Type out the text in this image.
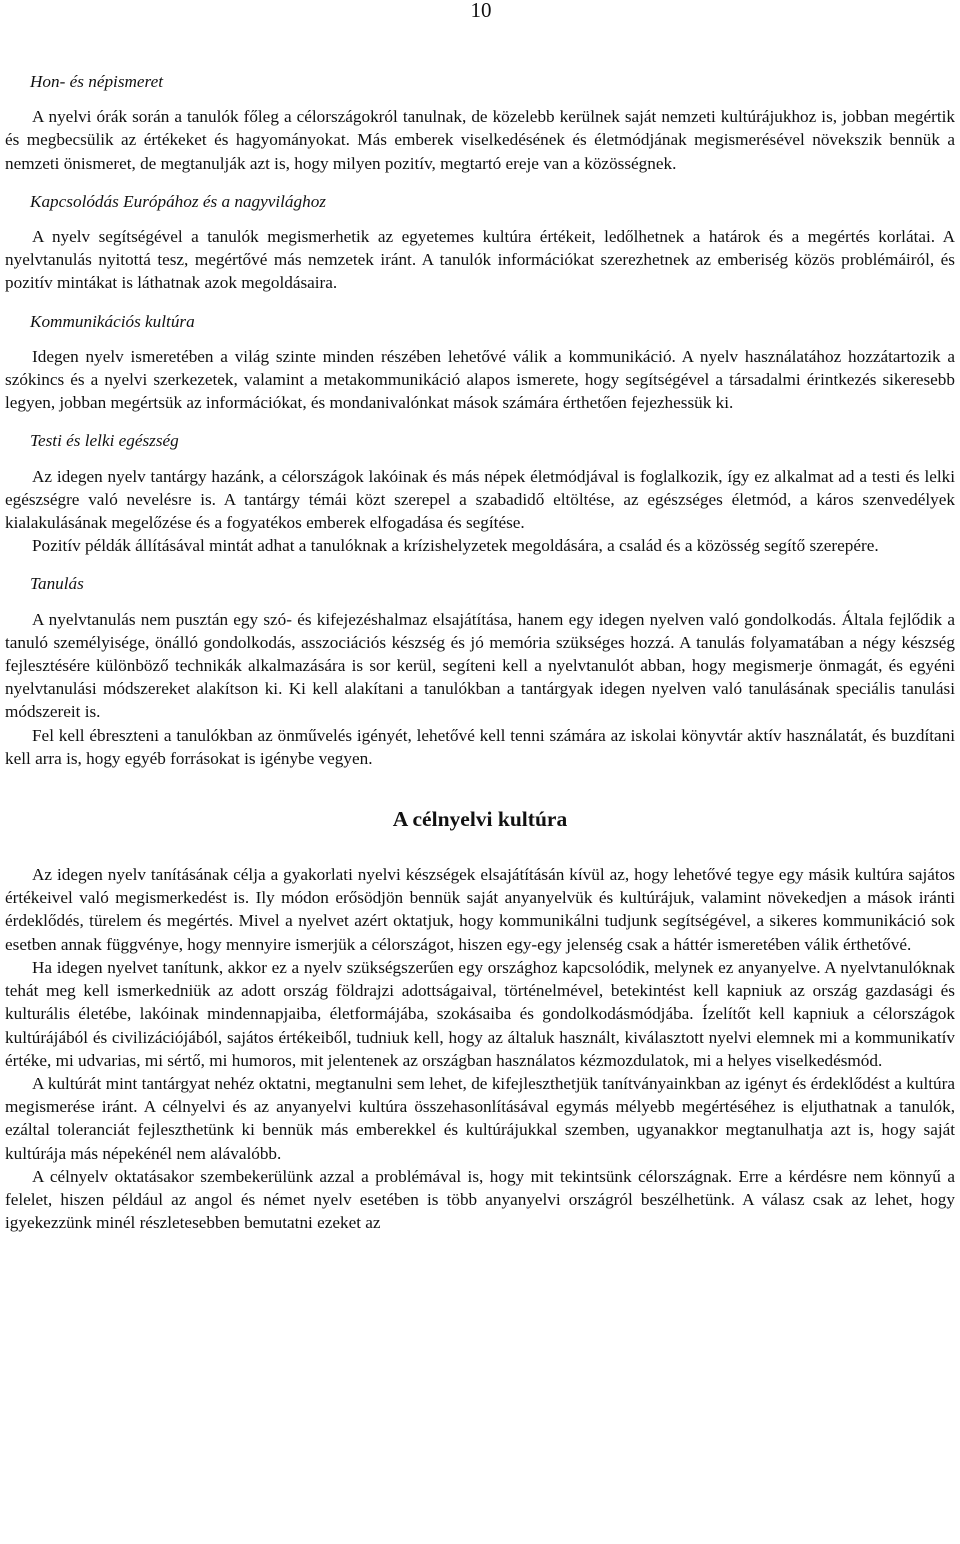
10

Hon- és népismeret

A nyelvi órák során a tanulók főleg a célországokról tanulnak, de közelebb kerülnek saját nemzeti kultúrájukhoz is, jobban megértik és megbecsülik az értékeket és hagyományokat. Más emberek viselkedésének és életmódjának megismerésével növekszik bennük a nemzeti önismeret, de megtanulják azt is, hogy milyen pozitív, megtartó ereje van a közösségnek.

Kapcsolódás Európához és a nagyvilághoz

A nyelv segítségével a tanulók megismerhetik az egyetemes kultúra értékeit, ledőlhetnek a határok és a megértés korlátai. A nyelvtanulás nyitottá tesz, megértővé más nemzetek iránt. A tanulók információkat szerezhetnek az emberiség közös problémáiról, és pozitív mintákat is láthatnak azok megoldásaira.

Kommunikációs kultúra

Idegen nyelv ismeretében a világ szinte minden részében lehetővé válik a kommunikáció. A nyelv használatához hozzátartozik a szókincs és a nyelvi szerkezetek, valamint a metakommunikáció alapos ismerete, hogy segítségével a társadalmi érintkezés sikeresebb legyen, jobban megértsük az információkat, és mondanivalónkat mások számára érthetően fejezhessük ki.

Testi és lelki egészség

Az idegen nyelv tantárgy hazánk, a célországok lakóinak és más népek életmódjával is foglalkozik, így ez alkalmat ad a testi és lelki egészségre való nevelésre is. A tantárgy témái közt szerepel a szabadidő eltöltése, az egészséges életmód, a káros szenvedélyek kialakulásának megelőzése és a fogyatékos emberek elfogadása és segítése.

Pozitív példák állításával mintát adhat a tanulóknak a krízishelyzetek megoldására, a család és a közösség segítő szerepére.

Tanulás

A nyelvtanulás nem pusztán egy szó- és kifejezéshalmaz elsajátítása, hanem egy idegen nyelven való gondolkodás. Általa fejlődik a tanuló személyisége, önálló gondolkodás, asszociációs készség és jó memória szükséges hozzá. A tanulás folyamatában a négy készség fejlesztésére különböző technikák alkalmazására is sor kerül, segíteni kell a nyelvtanulót abban, hogy megismerje önmagát, és egyéni nyelvtanulási módszereket alakítson ki. Ki kell alakítani a tanulókban a tantárgyak idegen nyelven való tanulásának speciális tanulási módszereit is.

Fel kell ébreszteni a tanulókban az önművelés igényét, lehetővé kell tenni számára az iskolai könyvtár aktív használatát, és buzdítani kell arra is, hogy egyéb forrásokat is igénybe vegyen.

A célnyelvi kultúra

Az idegen nyelv tanításának célja a gyakorlati nyelvi készségek elsajátításán kívül az, hogy lehetővé tegye egy másik kultúra sajátos értékeivel való megismerkedést is. Ily módon erősödjön bennük saját anyanyelvük és kultúrájuk, valamint növekedjen a mások iránti érdeklődés, türelem és megértés. Mivel a nyelvet azért oktatjuk, hogy kommunikálni tudjunk segítségével, a sikeres kommunikáció sok esetben annak függvénye, hogy mennyire ismerjük a célországot, hiszen egy-egy jelenség csak a háttér ismeretében válik érthetővé.

Ha idegen nyelvet tanítunk, akkor ez a nyelv szükségszerűen egy országhoz kapcsolódik, melynek ez anyanyelve. A nyelvtanulóknak tehát meg kell ismerkedniük az adott ország földrajzi adottságaival, történelmével, betekintést kell kapniuk az ország gazdasági és kulturális életébe, lakóinak mindennapjaiba, életformájába, szokásaiba és gondolkodásmódjába. Ízelítőt kell kapniuk a célországok kultúrájából és civilizációjából, sajátos értékeiből, tudniuk kell, hogy az általuk használt, kiválasztott nyelvi elemnek mi a kommunikatív értéke, mi udvarias, mi sértő, mi humoros, mit jelentenek az országban használatos kézmozdulatok, mi a helyes viselkedésmód.

A kultúrát mint tantárgyat nehéz oktatni, megtanulni sem lehet, de kifejleszthetjük tanítványainkban az igényt és érdeklődést a kultúra megismerése iránt. A célnyelvi és az anyanyelvi kultúra összehasonlításával egymás mélyebb megértéséhez is eljuthatnak a tanulók, ezáltal toleranciát fejleszthetünk ki bennük más emberekkel és kultúrájukkal szemben, ugyanakkor megtanulhatja azt is, hogy saját kultúrája más népekénél nem alávalóbb.

A célnyelv oktatásakor szembekerülünk azzal a problémával is, hogy mit tekintsünk célországnak. Erre a kérdésre nem könnyű a felelet, hiszen például az angol és német nyelv esetében is több anyanyelvi országról beszélhetünk. A válasz csak az lehet, hogy igyekezzünk minél részletesebben bemutatni ezeket az
